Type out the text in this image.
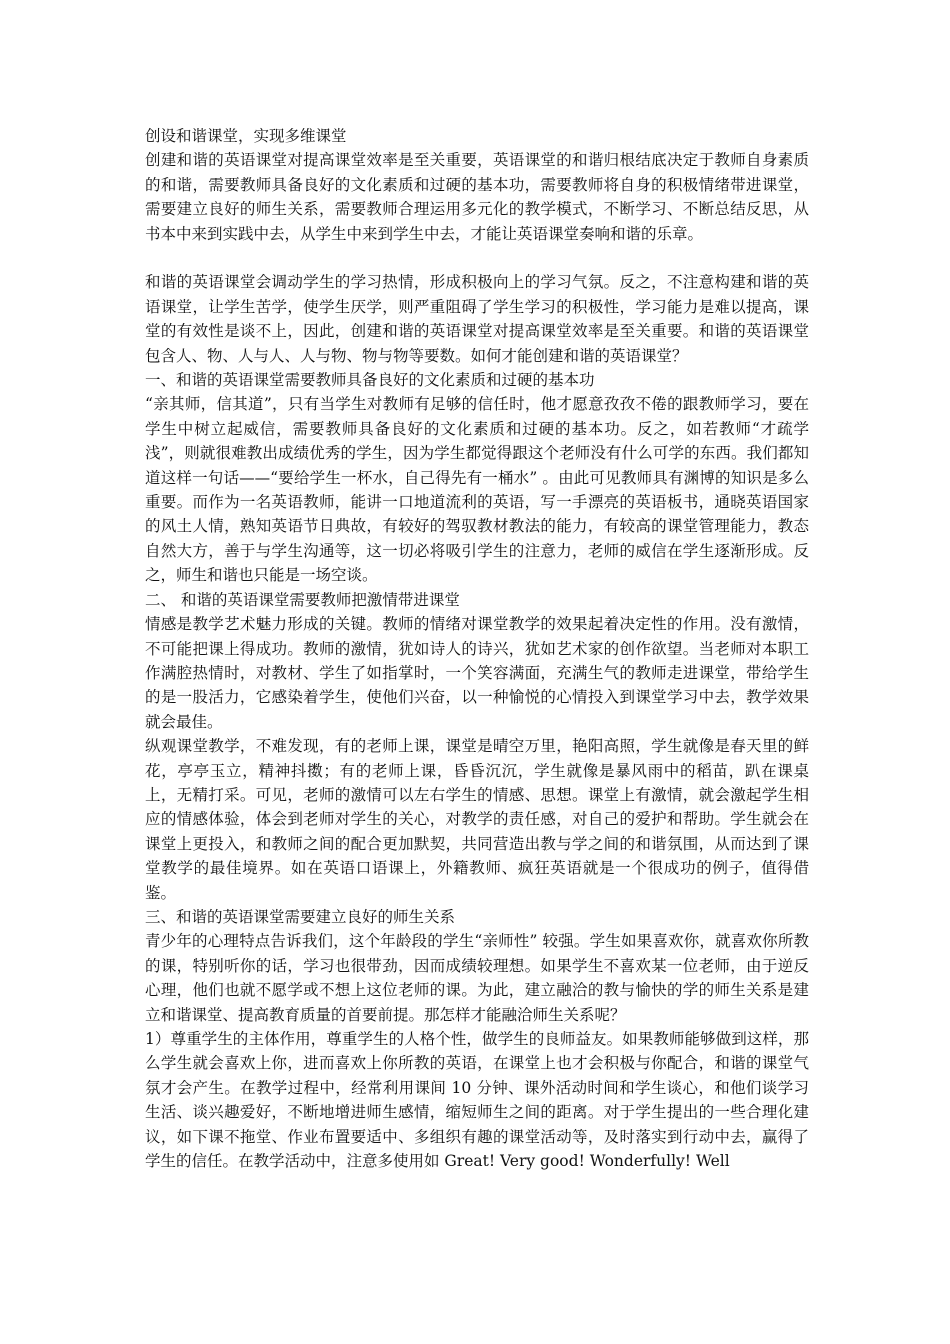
创设和谐课堂，实现多维课堂

创建和谐的英语课堂对提高课堂效率是至关重要，英语课堂的和谐归根结底决定于教师自身素质的和谐，需要教师具备良好的文化素质和过硬的基本功，需要教师将自身的积极情绪带进课堂，需要建立良好的师生关系，需要教师合理运用多元化的教学模式，不断学习、不断总结反思，从书本中来到实践中去，从学生中来到学生中去，才能让英语课堂奏响和谐的乐章。

和谐的英语课堂会调动学生的学习热情，形成积极向上的学习气氛。反之，不注意构建和谐的英语课堂，让学生苦学，使学生厌学，则严重阻碍了学生学习的积极性，学习能力是难以提高，课堂的有效性是谈不上，因此，创建和谐的英语课堂对提高课堂效率是至关重要。和谐的英语课堂包含人、物、人与人、人与物、物与物等要数。如何才能创建和谐的英语课堂？

一、和谐的英语课堂需要教师具备良好的文化素质和过硬的基本功

“亲其师，信其道”，只有当学生对教师有足够的信任时，他才愿意孜孜不倦的跟教师学习，要在学生中树立起威信，需要教师具备良好的文化素质和过硬的基本功。反之，如若教师“才疏学浅”，则就很难教出成绩优秀的学生，因为学生都觉得跟这个老师没有什么可学的东西。我们都知道这样一句话——“要给学生一杯水，自己得先有一桶水” 。由此可见教师具有渊博的知识是多么重要。而作为一名英语教师，能讲一口地道流利的英语，写一手漂亮的英语板书，通晓英语国家的风土人情，熟知英语节日典故，有较好的驾驭教材教法的能力，有较高的课堂管理能力，教态自然大方，善于与学生沟通等，这一切必将吸引学生的注意力，老师的威信在学生逐渐形成。反之，师生和谐也只能是一场空谈。

二、 和谐的英语课堂需要教师把激情带进课堂

情感是教学艺术魅力形成的关键。教师的情绪对课堂教学的效果起着决定性的作用。没有激情，不可能把课上得成功。教师的激情，犹如诗人的诗兴，犹如艺术家的创作欲望。当老师对本职工作满腔热情时，对教材、学生了如指掌时，一个笑容满面，充满生气的教师走进课堂，带给学生的是一股活力，它感染着学生，使他们兴奋，以一种愉悦的心情投入到课堂学习中去，教学效果就会最佳。

纵观课堂教学，不难发现，有的老师上课，课堂是晴空万里，艳阳高照，学生就像是春天里的鲜花，亭亭玉立，精神抖擞；有的老师上课，昏昏沉沉，学生就像是暴风雨中的稻苗，趴在课桌上，无精打采。可见，老师的激情可以左右学生的情感、思想。课堂上有激情，就会激起学生相应的情感体验，体会到老师对学生的关心，对教学的责任感，对自己的爱护和帮助。学生就会在课堂上更投入，和教师之间的配合更加默契，共同营造出教与学之间的和谐氛围，从而达到了课堂教学的最佳境界。如在英语口语课上，外籍教师、疯狂英语就是一个很成功的例子，值得借鉴。

三、和谐的英语课堂需要建立良好的师生关系

青少年的心理特点告诉我们，这个年龄段的学生“亲师性” 较强。学生如果喜欢你，就喜欢你所教的课，特别听你的话，学习也很带劲，因而成绩较理想。如果学生不喜欢某一位老师，由于逆反心理，他们也就不愿学或不想上这位老师的课。为此，建立融洽的教与愉快的学的师生关系是建立和谐课堂、提高教育质量的首要前提。那怎样才能融洽师生关系呢？

1）尊重学生的主体作用，尊重学生的人格个性，做学生的良师益友。如果教师能够做到这样，那么学生就会喜欢上你，进而喜欢上你所教的英语，在课堂上也才会积极与你配合，和谐的课堂气氛才会产生。在教学过程中，经常利用课间 10 分钟、课外活动时间和学生谈心，和他们谈学习生活、谈兴趣爱好，不断地增进师生感情，缩短师生之间的距离。对于学生提出的一些合理化建议，如下课不拖堂、作业布置要适中、多组织有趣的课堂活动等，及时落实到行动中去，赢得了学生的信任。在教学活动中，注意多使用如 Great! Very good! Wonderfully! Well
